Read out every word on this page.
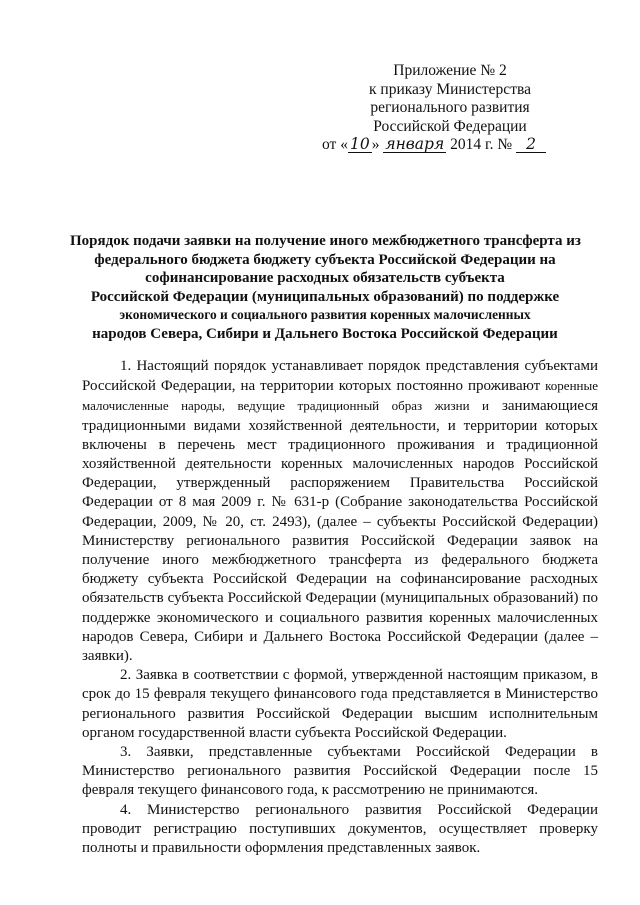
Приложение № 2
к приказу Министерства
регионального развития
Российской Федерации
от « 10 » января 2014 г. № 2
Порядок подачи заявки на получение иного межбюджетного трансферта из
федерального бюджета бюджету субъекта Российской Федерации на
софинансирование расходных обязательств субъекта
Российской Федерации (муниципальных образований) по поддержке
экономического и социального развития коренных малочисленных
народов Севера, Сибири и Дальнего Востока Российской Федерации

1. Настоящий порядок устанавливает порядок представления субъектами Российской Федерации, на территории которых постоянно проживают коренные малочисленные народы, ведущие традиционный образ жизни и занимающиеся традиционными видами хозяйственной деятельности, и территории которых включены в перечень мест традиционного проживания и традиционной хозяйственной деятельности коренных малочисленных народов Российской Федерации, утвержденный распоряжением Правительства Российской Федерации от 8 мая 2009 г. № 631-р (Собрание законодательства Российской Федерации, 2009, № 20, ст. 2493), (далее – субъекты Российской Федерации) Министерству регионального развития Российской Федерации заявок на получение иного межбюджетного трансферта из федерального бюджета бюджету субъекта Российской Федерации на софинансирование расходных обязательств субъекта Российской Федерации (муниципальных образований) по поддержке экономического и социального развития коренных малочисленных народов Севера, Сибири и Дальнего Востока Российской Федерации (далее – заявки).

2. Заявка в соответствии с формой, утвержденной настоящим приказом, в срок до 15 февраля текущего финансового года представляется в Министерство регионального развития Российской Федерации высшим исполнительным органом государственной власти субъекта Российской Федерации.

3. Заявки, представленные субъектами Российской Федерации в Министерство регионального развития Российской Федерации после 15 февраля текущего финансового года, к рассмотрению не принимаются.

4. Министерство регионального развития Российской Федерации проводит регистрацию поступивших документов, осуществляет проверку полноты и правильности оформления представленных заявок.
